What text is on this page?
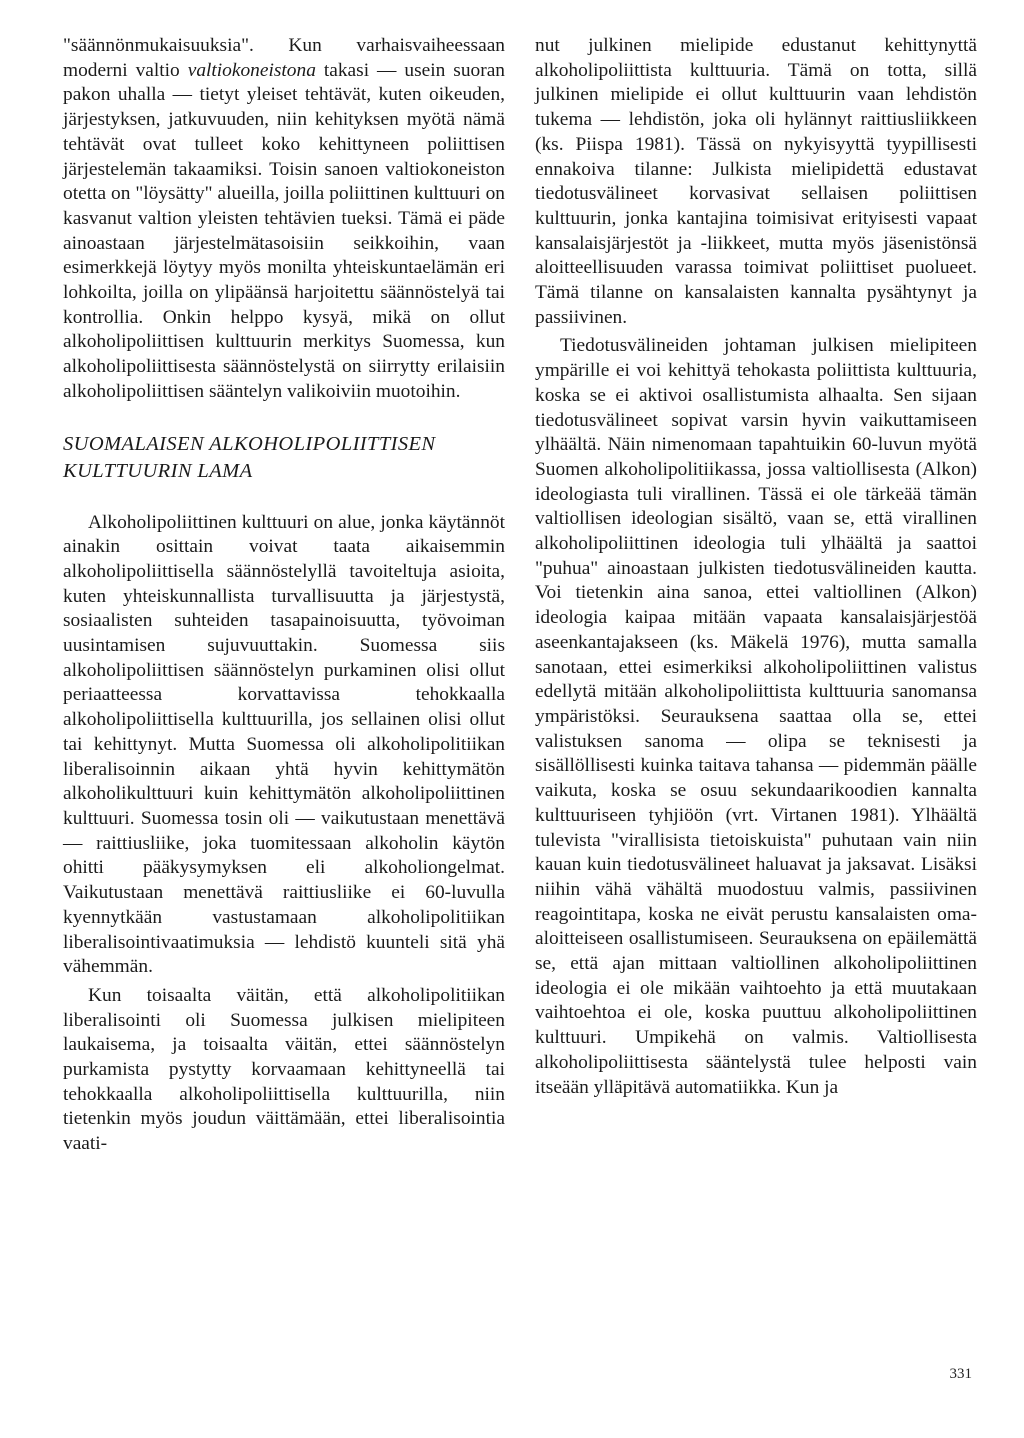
"säännönmukaisuuksia". Kun varhaisvaiheessaan moderni valtio valtiokoneistona takasi — usein suoran pakon uhalla — tietyt yleiset tehtävät, kuten oikeuden, järjestyksen, jatkuvuuden, niin kehityksen myötä nämä tehtävät ovat tulleet koko kehittyneen poliittisen järjestelemän takaamiksi. Toisin sanoen valtiokoneiston otetta on "löysätty" alueilla, joilla poliittinen kulttuuri on kasvanut valtion yleisten tehtävien tueksi. Tämä ei päde ainoastaan järjestelmätasoisiin seikkoihin, vaan esimerkkejä löytyy myös monilta yhteiskuntaelämän eri lohkoilta, joilla on ylipäänsä harjoitettu säännöstelyä tai kontrollia. Onkin helppo kysyä, mikä on ollut alkoholipoliittisen kulttuurin merkitys Suomessa, kun alkoholipoliittisesta säännöstelystä on siirrytty erilaisiin alkoholipoliittisen sääntelyn valikoiviin muotoihin.

SUOMALAISEN ALKOHOLIPOLIITTISEN KULTTUURIN LAMA

Alkoholipoliittinen kulttuuri on alue, jonka käytännöt ainakin osittain voivat taata aikaisemmin alkoholipoliittisella säännöstelyllä tavoiteltuja asioita, kuten yhteiskunnallista turvallisuutta ja järjestystä, sosiaalisten suhteiden tasapainoisuutta, työvoiman uusintamisen sujuvuuttakin. Suomessa siis alkoholipoliittisen säännöstelyn purkaminen olisi ollut periaatteessa korvattavissa tehokkaalla alkoholipoliittisella kulttuurilla, jos sellainen olisi ollut tai kehittynyt. Mutta Suomessa oli alkoholipolitiikan liberalisoinnin aikaan yhtä hyvin kehittymätön alkoholikulttuuri kuin kehittymätön alkoholipoliittinen kulttuuri. Suomessa tosin oli — vaikutustaan menettävä — raittiusliike, joka tuomitessaan alkoholin käytön ohitti pääkysymyksen eli alkoholiongelmat. Vaikutustaan menettävä raittiusliike ei 60-luvulla kyennytkään vastustamaan alkoholipolitiikan liberalisointivaatimuksia — lehdistö kuunteli sitä yhä vähemmän.

Kun toisaalta väitän, että alkoholipolitiikan liberalisointi oli Suomessa julkisen mielipiteen laukaisema, ja toisaalta väitän, ettei säännöstelyn purkamista pystytty korvaamaan kehittyneellä tai tehokkaalla alkoholipoliittisella kulttuurilla, niin tietenkin myös joudun väittämään, ettei liberalisointia vaati-

nut julkinen mielipide edustanut kehittynyttä alkoholipoliittista kulttuuria. Tämä on totta, sillä julkinen mielipide ei ollut kulttuurin vaan lehdistön tukema — lehdistön, joka oli hylännyt raittiusliikkeen (ks. Piispa 1981). Tässä on nykyisyyttä tyypillisesti ennakoiva tilanne: Julkista mielipidettä edustavat tiedotusvälineet korvasivat sellaisen poliittisen kulttuurin, jonka kantajina toimisivat erityisesti vapaat kansalaisjärjestöt ja -liikkeet, mutta myös jäsenistönsä aloitteellisuuden varassa toimivat poliittiset puolueet. Tämä tilanne on kansalaisten kannalta pysähtynyt ja passiivinen.

Tiedotusvälineiden johtaman julkisen mielipiteen ympärille ei voi kehittyä tehokasta poliittista kulttuuria, koska se ei aktivoi osallistumista alhaalta. Sen sijaan tiedotusvälineet sopivat varsin hyvin vaikuttamiseen ylhäältä. Näin nimenomaan tapahtuikin 60-luvun myötä Suomen alkoholipolitiikassa, jossa valtiollisesta (Alkon) ideologiasta tuli virallinen. Tässä ei ole tärkeää tämän valtiollisen ideologian sisältö, vaan se, että virallinen alkoholipoliittinen ideologia tuli ylhäältä ja saattoi "puhua" ainoastaan julkisten tiedotusvälineiden kautta. Voi tietenkin aina sanoa, ettei valtiollinen (Alkon) ideologia kaipaa mitään vapaata kansalaisjärjestöä aseenkantajakseen (ks. Mäkelä 1976), mutta samalla sanotaan, ettei esimerkiksi alkoholipoliittinen valistus edellytä mitään alkoholipoliittista kulttuuria sanomansa ympäristöksi. Seurauksena saattaa olla se, ettei valistuksen sanoma — olipa se teknisesti ja sisällöllisesti kuinka taitava tahansa — pidemmän päälle vaikuta, koska se osuu sekundaarikoodien kannalta kulttuuriseen tyhjiöön (vrt. Virtanen 1981). Ylhäältä tulevista "virallisista tietoiskuista" puhutaan vain niin kauan kuin tiedotusvälineet haluavat ja jaksavat. Lisäksi niihin vähä vähältä muodostuu valmis, passiivinen reagointitapa, koska ne eivät perustu kansalaisten oma-aloitteiseen osallistumiseen. Seurauksena on epäilemättä se, että ajan mittaan valtiollinen alkoholipoliittinen ideologia ei ole mikään vaihtoehto ja että muutakaan vaihtoehtoa ei ole, koska puuttuu alkoholipoliittinen kulttuuri. Umpikehä on valmis. Valtiollisesta alkoholipoliittisesta sääntelystä tulee helposti vain itseään ylläpitävä automatiikka. Kun ja

331
